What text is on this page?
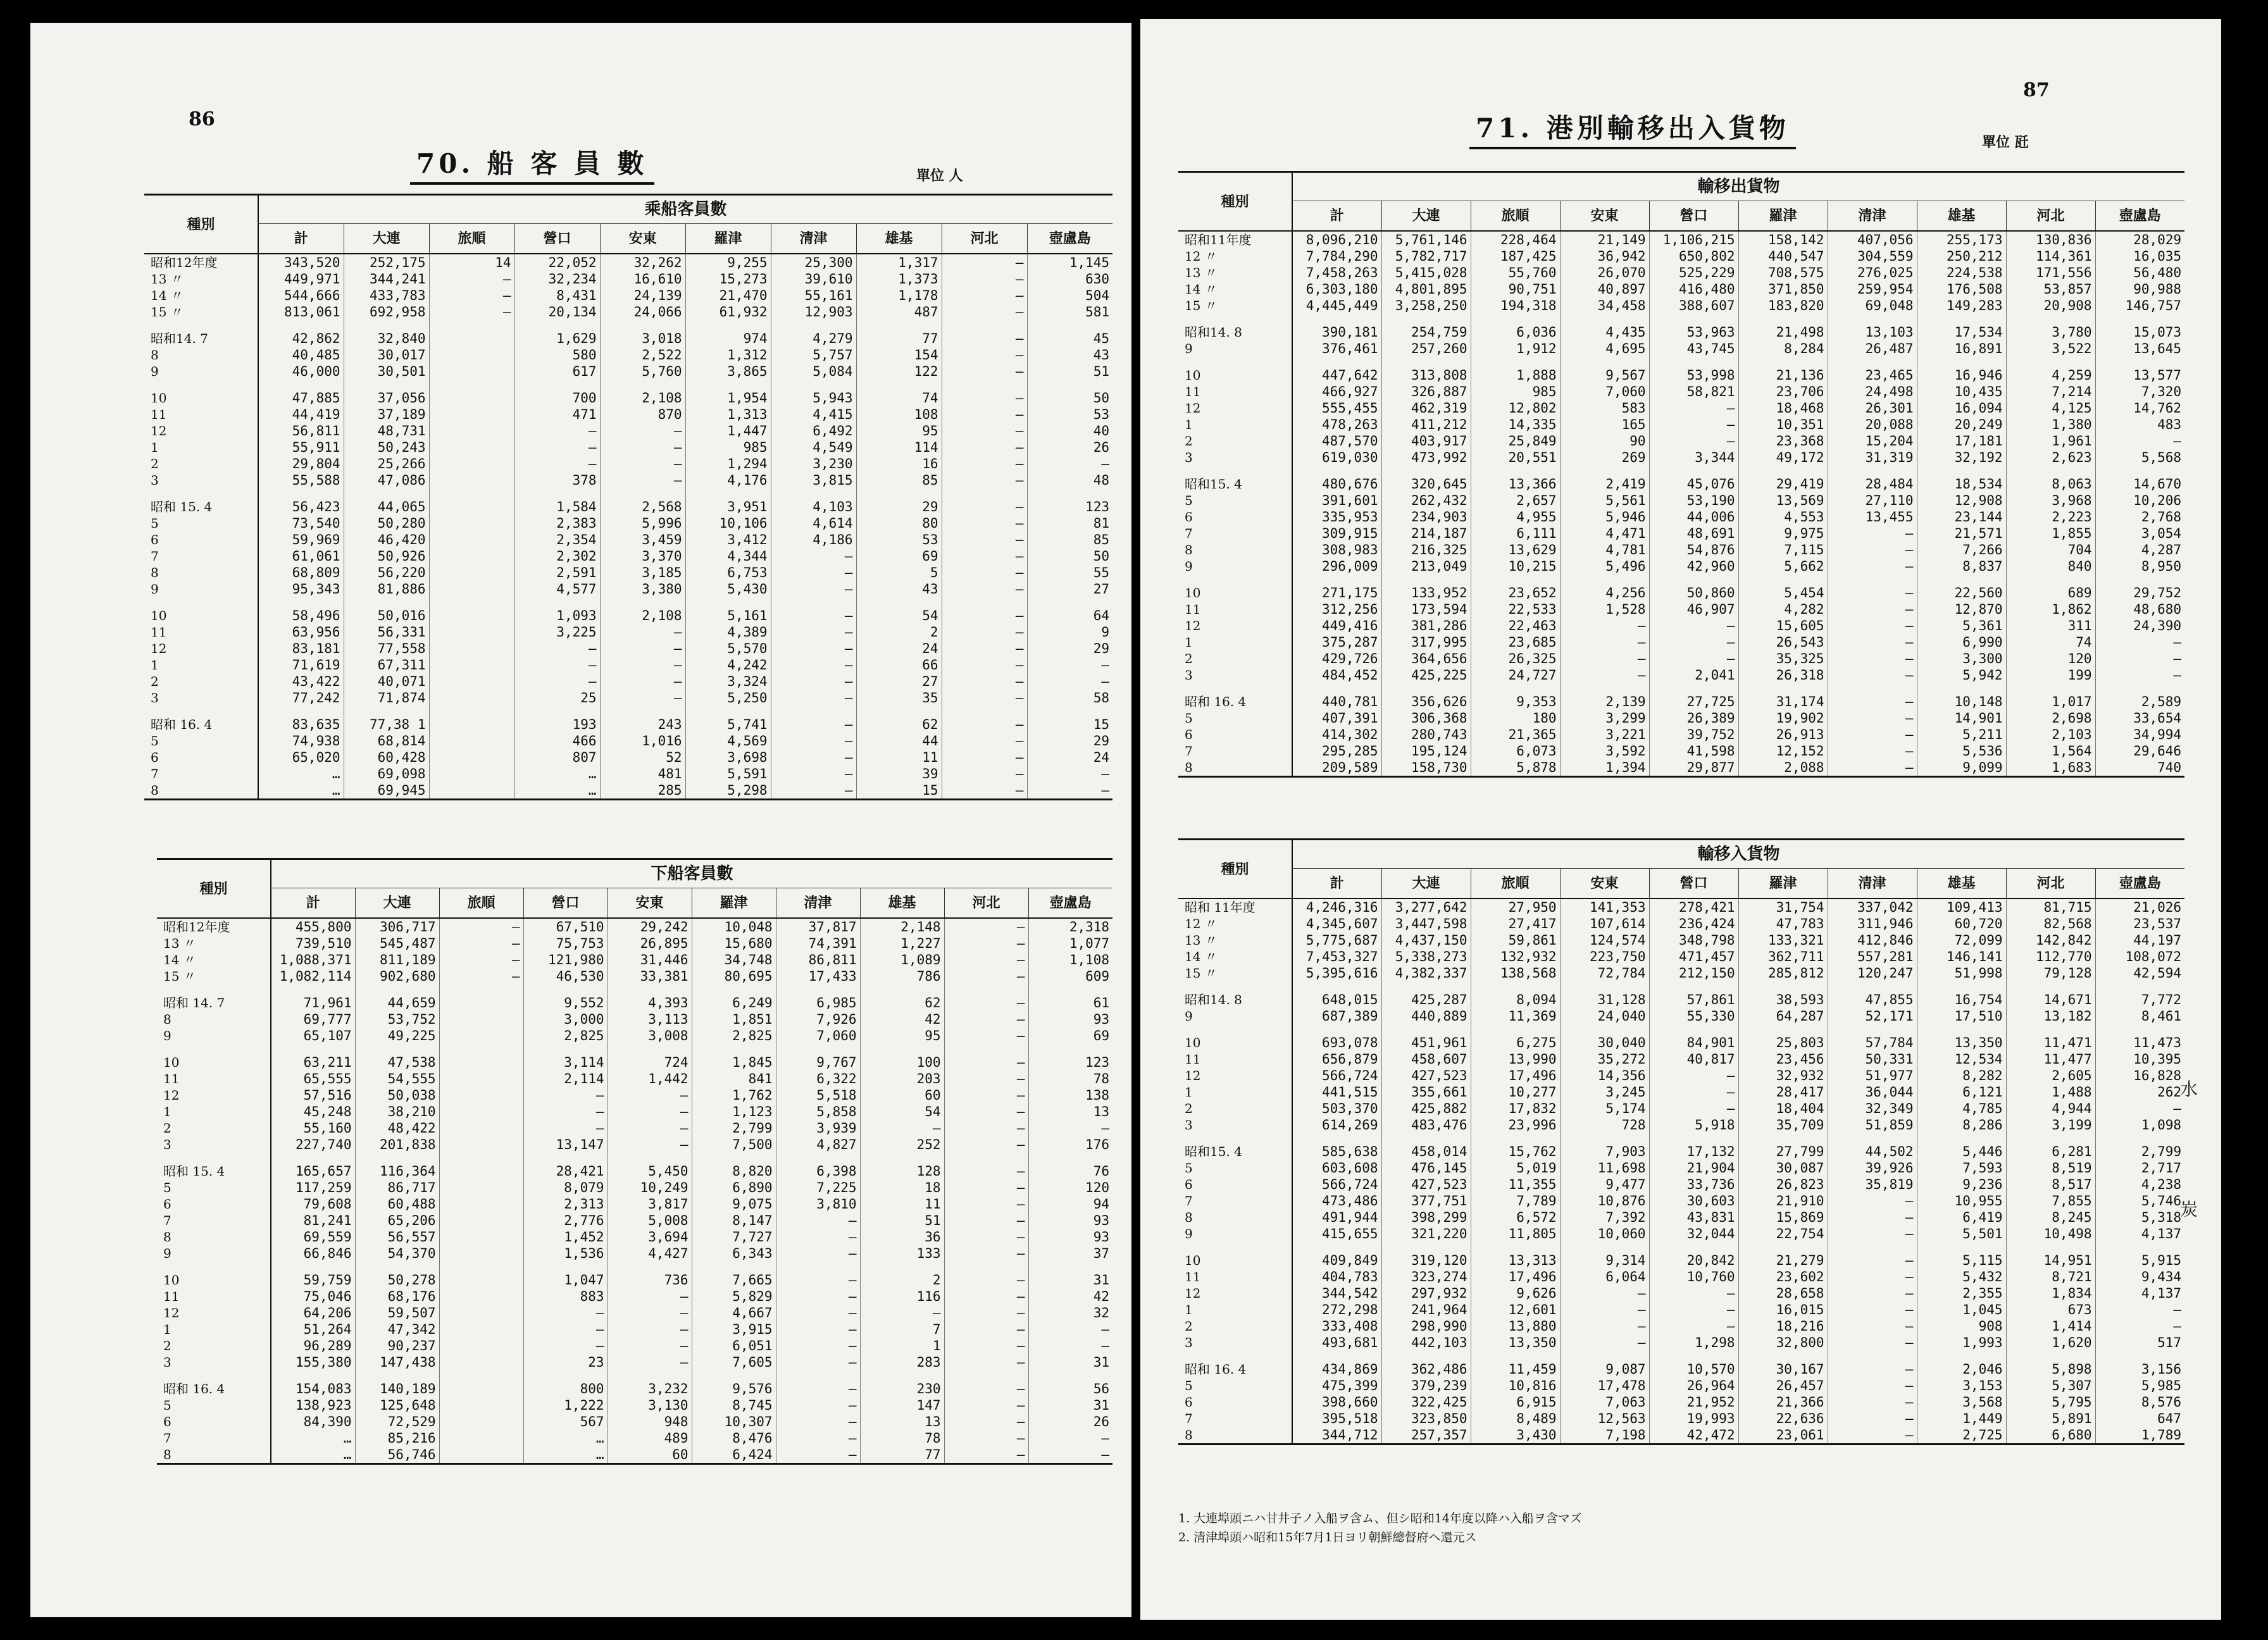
86
70. 船 客 員 數	單位 人
種別	乘船客員數									
	計	大連	旅順	營口	安東	羅津	清津	雄基	河北	壺盧島
昭和12年度	343,520	252,175	14	22,052	32,262	9,255	25,300	1,317	—	1,145
13 〃	449,971	344,241	—	32,234	16,610	15,273	39,610	1,373	—	630
14 〃	544,666	433,783	—	8,431	24,139	21,470	55,161	1,178	—	504
15 〃	813,061	692,958	—	20,134	24,066	61,932	12,903	487	—	581
昭和14. 7	42,862	32,840		1,629	3,018	974	4,279	77	—	45
8	40,485	30,017		580	2,522	1,312	5,757	154	—	43
9	46,000	30,501		617	5,760	3,865	5,084	122	—	51
10	47,885	37,056		700	2,108	1,954	5,943	74	—	50
11	44,419	37,189		471	870	1,313	4,415	108	—	53
12	56,811	48,731		—	—	1,447	6,492	95	—	40
1	55,911	50,243		—	—	985	4,549	114	—	26
2	29,804	25,266		—	—	1,294	3,230	16	—	—
3	55,588	47,086		378	—	4,176	3,815	85	—	48
昭和 15. 4	56,423	44,065		1,584	2,568	3,951	4,103	29	—	123
5	73,540	50,280		2,383	5,996	10,106	4,614	80	—	81
6	59,969	46,420		2,354	3,459	3,412	4,186	53	—	85
7	61,061	50,926		2,302	3,370	4,344	—	69	—	50
8	68,809	56,220		2,591	3,185	6,753	—	5	—	55
9	95,343	81,886		4,577	3,380	5,430	—	43	—	27
10	58,496	50,016		1,093	2,108	5,161	—	54	—	64
11	63,956	56,331		3,225	—	4,389	—	2	—	9
12	83,181	77,558		—	—	5,570	—	24	—	29
1	71,619	67,311		—	—	4,242	—	66	—	—
2	43,422	40,071		—	—	3,324	—	27	—	—
3	77,242	71,874		25	—	5,250	—	35	—	58
昭和 16. 4	83,635	77,38 1		193	243	5,741	—	62	—	15
5	74,938	68,814		466	1,016	4,569	—	44	—	29
6	65,020	60,428		807	52	3,698	—	11	—	24
7	…	69,098		…	481	5,591	—	39	—	—
8	…	69,945		…	285	5,298	—	15	—	—
種別	下船客員數									
	計	大連	旅順	營口	安東	羅津	清津	雄基	河北	壺盧島
昭和12年度	455,800	306,717	—	67,510	29,242	10,048	37,817	2,148	—	2,318
13 〃	739,510	545,487	—	75,753	26,895	15,680	74,391	1,227	—	1,077
14 〃	1,088,371	811,189	—	121,980	31,446	34,748	86,811	1,089	—	1,108
15 〃	1,082,114	902,680	—	46,530	33,381	80,695	17,433	786	—	609
昭和 14. 7	71,961	44,659		9,552	4,393	6,249	6,985	62	—	61
8	69,777	53,752		3,000	3,113	1,851	7,926	42	—	93
9	65,107	49,225		2,825	3,008	2,825	7,060	95	—	69
10	63,211	47,538		3,114	724	1,845	9,767	100	—	123
11	65,555	54,555		2,114	1,442	841	6,322	203	—	78
12	57,516	50,038		—	—	1,762	5,518	60	—	138
1	45,248	38,210		—	—	1,123	5,858	54	—	13
2	55,160	48,422		—	—	2,799	3,939	—	—	—
3	227,740	201,838		13,147	—	7,500	4,827	252	—	176
昭和 15. 4	165,657	116,364		28,421	5,450	8,820	6,398	128	—	76
5	117,259	86,717		8,079	10,249	6,890	7,225	18	—	120
6	79,608	60,488		2,313	3,817	9,075	3,810	11	—	94
7	81,241	65,206		2,776	5,008	8,147	—	51	—	93
8	69,559	56,557		1,452	3,694	7,727	—	36	—	93
9	66,846	54,370		1,536	4,427	6,343	—	133	—	37
10	59,759	50,278		1,047	736	7,665	—	2	—	31
11	75,046	68,176		883	—	5,829	—	116	—	42
12	64,206	59,507		—	—	4,667	—	—	—	32
1	51,264	47,342		—	—	3,915	—	7	—	—
2	96,289	90,237		—	—	6,051	—	1	—	—
3	155,380	147,438		23	—	7,605	—	283	—	31
昭和 16. 4	154,083	140,189		800	3,232	9,576	—	230	—	56
5	138,923	125,648		1,222	3,130	8,745	—	147	—	31
6	84,390	72,529		567	948	10,307	—	13	—	26
7	…	85,216		…	489	8,476	—	78	—	—
8	…	56,746		…	60	6,424	—	77	—	—
87
71. 港別輸移出入貨物	單位 瓩
種別	輸移出貨物									
	計	大連	旅順	安東	營口	羅津	清津	雄基	河北	壺盧島
昭和11年度	8,096,210	5,761,146	228,464	21,149	1,106,215	158,142	407,056	255,173	130,836	28,029
12 〃	7,784,290	5,782,717	187,425	36,942	650,802	440,547	304,559	250,212	114,361	16,035
13 〃	7,458,263	5,415,028	55,760	26,070	525,229	708,575	276,025	224,538	171,556	56,480
14 〃	6,303,180	4,801,895	90,751	40,897	416,480	371,850	259,954	176,508	53,857	90,988
15 〃	4,445,449	3,258,250	194,318	34,458	388,607	183,820	69,048	149,283	20,908	146,757
昭和14. 8	390,181	254,759	6,036	4,435	53,963	21,498	13,103	17,534	3,780	15,073
9	376,461	257,260	1,912	4,695	43,745	8,284	26,487	16,891	3,522	13,645
10	447,642	313,808	1,888	9,567	53,998	21,136	23,465	16,946	4,259	13,577
11	466,927	326,887	985	7,060	58,821	23,706	24,498	10,435	7,214	7,320
12	555,455	462,319	12,802	583	—	18,468	26,301	16,094	4,125	14,762
1	478,263	411,212	14,335	165	—	10,351	20,088	20,249	1,380	483
2	487,570	403,917	25,849	90	—	23,368	15,204	17,181	1,961	—
3	619,030	473,992	20,551	269	3,344	49,172	31,319	32,192	2,623	5,568
昭和15. 4	480,676	320,645	13,366	2,419	45,076	29,419	28,484	18,534	8,063	14,670
5	391,601	262,432	2,657	5,561	53,190	13,569	27,110	12,908	3,968	10,206
6	335,953	234,903	4,955	5,946	44,006	4,553	13,455	23,144	2,223	2,768
7	309,915	214,187	6,111	4,471	48,691	9,975	—	21,571	1,855	3,054
8	308,983	216,325	13,629	4,781	54,876	7,115	—	7,266	704	4,287
9	296,009	213,049	10,215	5,496	42,960	5,662	—	8,837	840	8,950
10	271,175	133,952	23,652	4,256	50,860	5,454	—	22,560	689	29,752
11	312,256	173,594	22,533	1,528	46,907	4,282	—	12,870	1,862	48,680
12	449,416	381,286	22,463	—	—	15,605	—	5,361	311	24,390
1	375,287	317,995	23,685	—	—	26,543	—	6,990	74	—
2	429,726	364,656	26,325	—	—	35,325	—	3,300	120	—
3	484,452	425,225	24,727	—	2,041	26,318	—	5,942	199	—
昭和 16. 4	440,781	356,626	9,353	2,139	27,725	31,174	—	10,148	1,017	2,589
5	407,391	306,368	180	3,299	26,389	19,902	—	14,901	2,698	33,654
6	414,302	280,743	21,365	3,221	39,752	26,913	—	5,211	2,103	34,994
7	295,285	195,124	6,073	3,592	41,598	12,152	—	5,536	1,564	29,646
8	209,589	158,730	5,878	1,394	29,877	2,088	—	9,099	1,683	740
種別	輸移入貨物									
	計	大連	旅順	安東	營口	羅津	清津	雄基	河北	壺盧島
昭和 11年度	4,246,316	3,277,642	27,950	141,353	278,421	31,754	337,042	109,413	81,715	21,026
12 〃	4,345,607	3,447,598	27,417	107,614	236,424	47,783	311,946	60,720	82,568	23,537
13 〃	5,775,687	4,437,150	59,861	124,574	348,798	133,321	412,846	72,099	142,842	44,197
14 〃	7,453,327	5,338,273	132,932	223,750	471,457	362,711	557,281	146,141	112,770	108,072
15 〃	5,395,616	4,382,337	138,568	72,784	212,150	285,812	120,247	51,998	79,128	42,594
昭和14. 8	648,015	425,287	8,094	31,128	57,861	38,593	47,855	16,754	14,671	7,772
9	687,389	440,889	11,369	24,040	55,330	64,287	52,171	17,510	13,182	8,461
10	693,078	451,961	6,275	30,040	84,901	25,803	57,784	13,350	11,471	11,473
11	656,879	458,607	13,990	35,272	40,817	23,456	50,331	12,534	11,477	10,395
12	566,724	427,523	17,496	14,356	—	32,932	51,977	8,282	2,605	16,828
1	441,515	355,661	10,277	3,245	—	28,417	36,044	6,121	1,488	262
2	503,370	425,882	17,832	5,174	—	18,404	32,349	4,785	4,944	—
3	614,269	483,476	23,996	728	5,918	35,709	51,859	8,286	3,199	1,098
昭和15. 4	585,638	458,014	15,762	7,903	17,132	27,799	44,502	5,446	6,281	2,799
5	603,608	476,145	5,019	11,698	21,904	30,087	39,926	7,593	8,519	2,717
6	566,724	427,523	11,355	9,477	33,736	26,823	35,819	9,236	8,517	4,238
7	473,486	377,751	7,789	10,876	30,603	21,910	—	10,955	7,855	5,746
8	491,944	398,299	6,572	7,392	43,831	15,869	—	6,419	8,245	5,318
9	415,655	321,220	11,805	10,060	32,044	22,754	—	5,501	10,498	4,137
10	409,849	319,120	13,313	9,314	20,842	21,279	—	5,115	14,951	5,915
11	404,783	323,274	17,496	6,064	10,760	23,602	—	5,432	8,721	9,434
12	344,542	297,932	9,626	—	—	28,658	—	2,355	1,834	4,137
1	272,298	241,964	12,601	—	—	16,015	—	1,045	673	—
2	333,408	298,990	13,880	—	—	18,216	—	908	1,414	—
3	493,681	442,103	13,350	—	1,298	32,800	—	1,993	1,620	517
昭和 16. 4	434,869	362,486	11,459	9,087	10,570	30,167	—	2,046	5,898	3,156
5	475,399	379,239	10,816	17,478	26,964	26,457	—	3,153	5,307	5,985
6	398,660	322,425	6,915	7,063	21,952	21,366	—	3,568	5,795	8,576
7	395,518	323,850	8,489	12,563	19,993	22,636	—	1,449	5,891	647
8	344,712	257,357	3,430	7,198	42,472	23,061	—	2,725	6,680	1,789
1. 大連埠頭ニハ甘井子ノ入船ヲ含ム、但シ昭和14年度以降ハ入船ヲ含マズ
2. 清津埠頭ハ昭和15年7月1日ヨリ朝鮮總督府ヘ還元ス
水
炭
